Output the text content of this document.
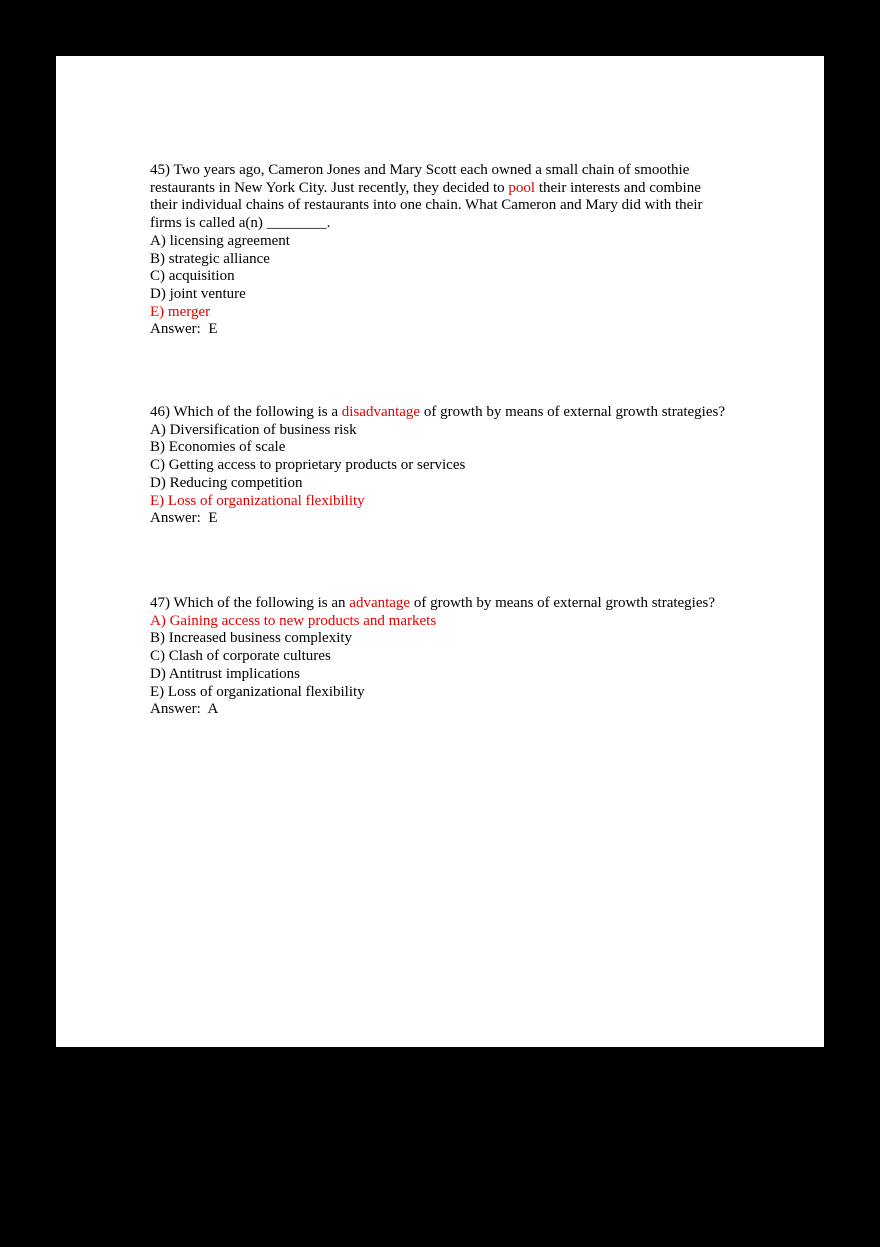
45) Two years ago, Cameron Jones and Mary Scott each owned a small chain of smoothie
restaurants in New York City. Just recently, they decided to pool their interests and combine
their individual chains of restaurants into one chain. What Cameron and Mary did with their
firms is called a(n) ________.
A) licensing agreement
B) strategic alliance
C) acquisition
D) joint venture
E) merger
Answer:  E
46) Which of the following is a disadvantage of growth by means of external growth strategies?
A) Diversification of business risk
B) Economies of scale
C) Getting access to proprietary products or services
D) Reducing competition
E) Loss of organizational flexibility
Answer:  E
47) Which of the following is an advantage of growth by means of external growth strategies?
A) Gaining access to new products and markets
B) Increased business complexity
C) Clash of corporate cultures
D) Antitrust implications
E) Loss of organizational flexibility
Answer:  A
